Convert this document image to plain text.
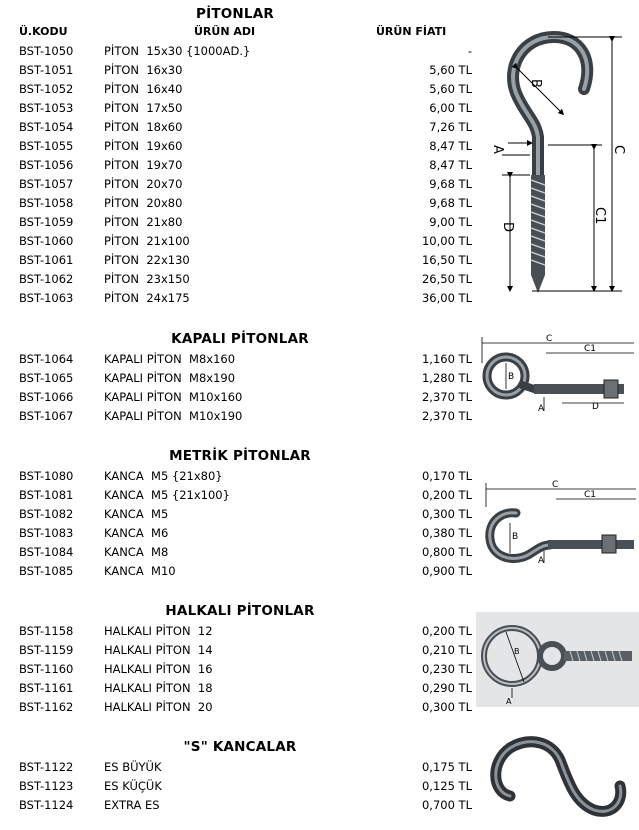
PİTONLAR
Ü.KODU	ÜRÜN ADI	ÜRÜN FİATI
BST-1050	PİTON  15x30 {1000AD.}	-
BST-1051	PİTON  16x30	5,60 TL
BST-1052	PİTON  16x40	5,60 TL
BST-1053	PİTON  17x50	6,00 TL
BST-1054	PİTON  18x60	7,26 TL
BST-1055	PİTON  19x60	8,47 TL
BST-1056	PİTON  19x70	8,47 TL
BST-1057	PİTON  20x70	9,68 TL
BST-1058	PİTON  20x80	9,68 TL
BST-1059	PİTON  21x80	9,00 TL
BST-1060	PİTON  21x100	10,00 TL
BST-1061	PİTON  22x130	16,50 TL
BST-1062	PİTON  23x150	26,50 TL
BST-1063	PİTON  24x175	36,00 TL
KAPALI PİTONLAR
BST-1064	KAPALI PİTON  M8x160	1,160 TL
BST-1065	KAPALI PİTON  M8x190	1,280 TL
BST-1066	KAPALI PİTON  M10x160	2,370 TL
BST-1067	KAPALI PİTON  M10x190	2,370 TL
METRİK PİTONLAR
BST-1080	KANCA  M5 {21x80}	0,170 TL
BST-1081	KANCA  M5 {21x100}	0,200 TL
BST-1082	KANCA  M5	0,300 TL
BST-1083	KANCA  M6	0,380 TL
BST-1084	KANCA  M8	0,800 TL
BST-1085	KANCA  M10	0,900 TL
HALKALI PİTONLAR
BST-1158	HALKALI PİTON  12	0,200 TL
BST-1159	HALKALI PİTON  14	0,210 TL
BST-1160	HALKALI PİTON  16	0,230 TL
BST-1161	HALKALI PİTON  18	0,290 TL
BST-1162	HALKALI PİTON  20	0,300 TL
"S" KANCALAR
BST-1122	ES BÜYÜK	0,175 TL
BST-1123	ES KÜÇÜK	0,125 TL
BST-1124	EXTRA ES	0,700 TL
B
A	C
C1
D
C
C1
B
A	D
C
C1
B
A
B
A
